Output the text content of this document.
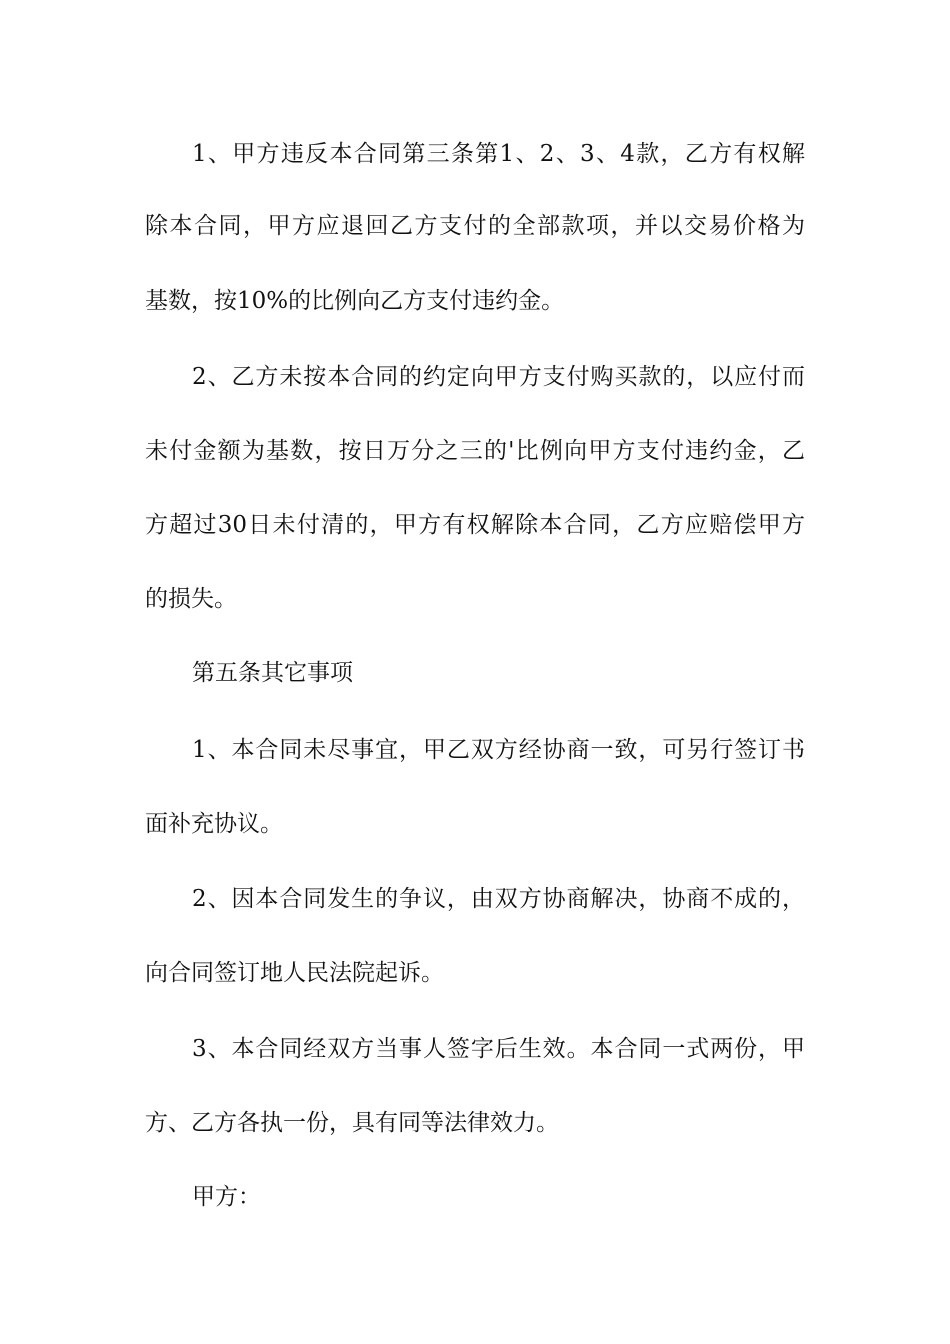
1、甲方违反本合同第三条第1、2、3、4款，乙方有权解
除本合同，甲方应退回乙方支付的全部款项，并以交易价格为
基数，按10%的比例向乙方支付违约金。
2、乙方未按本合同的约定向甲方支付购买款的，以应付而
未付金额为基数，按日万分之三的'比例向甲方支付违约金，乙
方超过30日未付清的，甲方有权解除本合同，乙方应赔偿甲方
的损失。
第五条其它事项
1、本合同未尽事宜，甲乙双方经协商一致，可另行签订书
面补充协议。
2、因本合同发生的争议，由双方协商解决，协商不成的，
向合同签订地人民法院起诉。
3、本合同经双方当事人签字后生效。本合同一式两份，甲
方、乙方各执一份，具有同等法律效力。
甲方：
